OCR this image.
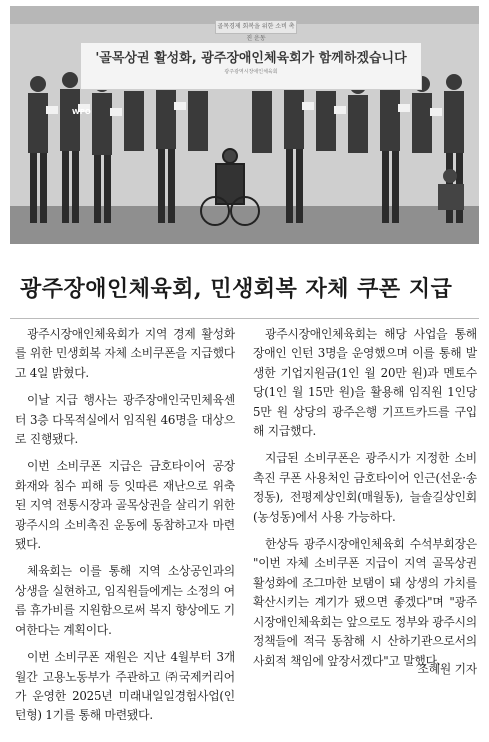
WPO
골목경제 회복을 위한 소비 촉진 운동
'골목상권 활성화, 광주장애인체육회가 함께하겠습니다
광주광역시장애인체육회
광주장애인체육회, 민생회복 자체 쿠폰 지급

광주시장애인체육회가 지역 경제 활성화를 위한 민생회복 자체 소비쿠폰을 지급했다고 4일 밝혔다.

이날 지급 행사는 광주장애인국민체육센터 3층 다목적실에서 임직원 46명을 대상으로 진행됐다.

이번 소비쿠폰 지급은 금호타이어 공장 화재와 침수 피해 등 잇따른 재난으로 위축된 지역 전통시장과 골목상권을 살리기 위한 광주시의 소비촉진 운동에 동참하고자 마련됐다.

체육회는 이를 통해 지역 소상공인과의 상생을 실현하고, 임직원들에게는 소정의 여름 휴가비를 지원함으로써 복지 향상에도 기여한다는 계획이다.

이번 소비쿠폰 재원은 지난 4월부터 3개월간 고용노동부가 주관하고 ㈜국제커리어가 운영한 2025년 미래내일일경험사업(인턴형) 1기를 통해 마련됐다.

광주시장애인체육회는 해당 사업을 통해 장애인 인턴 3명을 운영했으며 이를 통해 발생한 기업지원금(1인 월 20만 원)과 멘토수당(1인 월 15만 원)을 활용해 임직원 1인당 5만 원 상당의 광주은행 기프트카드를 구입해 지급했다.

지급된 소비쿠폰은 광주시가 지정한 소비촉진 쿠폰 사용처인 금호타이어 인근(선운·송정동), 전평제상인회(매월동), 늘솔길상인회(농성동)에서 사용 가능하다.

한상득 광주시장애인체육회 수석부회장은 "이번 자체 소비쿠폰 지급이 지역 골목상권 활성화에 조그마한 보탬이 돼 상생의 가치를 확산시키는 계기가 됐으면 좋겠다"며 "광주시장애인체육회는 앞으로도 정부와 광주시의 정책들에 적극 동참해 시 산하기관으로서의 사회적 책임에 앞장서겠다"고 말했다.

조혜원 기자
